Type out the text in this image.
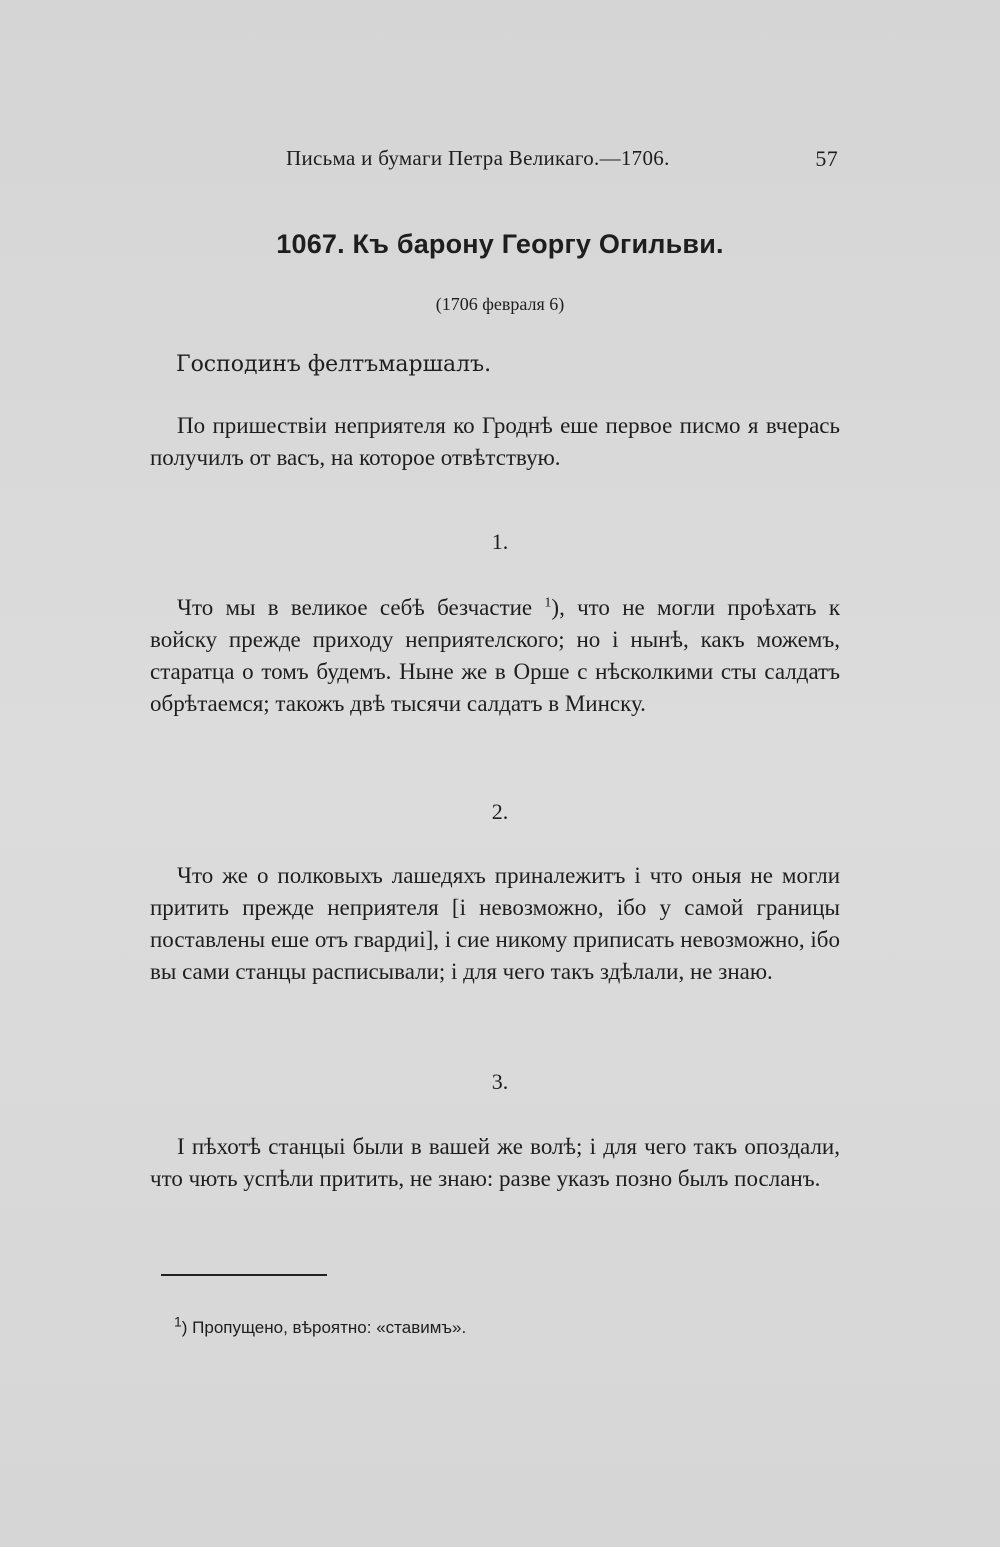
Письма и бумаги Петра Великаго.—1706.	57
1067. Къ барону Георгу Огильви.
(1706 февраля 6)
Господинъ фелтъмаршалъ.
По пришествіи неприятеля ко Гроднѣ еше первое писмо я вчерась получилъ от васъ, на которое отвѣтствую.
1.
Что мы в великое себѣ безчастие $^1$), что не могли проѣхать к войску прежде приходу неприятелского; но і нынѣ, какъ можемъ, старатца о томъ будемъ. Ныне же в Орше с нѣсколкими сты салдатъ обрѣтаемся; такожъ двѣ тысячи салдатъ в Минску.
2.
Что же о полковыхъ лашедяхъ приналежитъ і что оныя не могли притить прежде неприятеля [і невозможно, ібо у самой границы поставлены еше отъ гвардиі], і сие никому приписать невозможно, ібо вы сами станцы расписывали; і для чего такъ здѣлали, не знаю.
3.
І пѣхотѣ станцыі были в вашей же волѣ; і для чего такъ опоздали, что чють успѣли притить, не знаю: разве указъ позно былъ посланъ.
$^1$) Пропущено, вѣроятно: «ставимъ».
